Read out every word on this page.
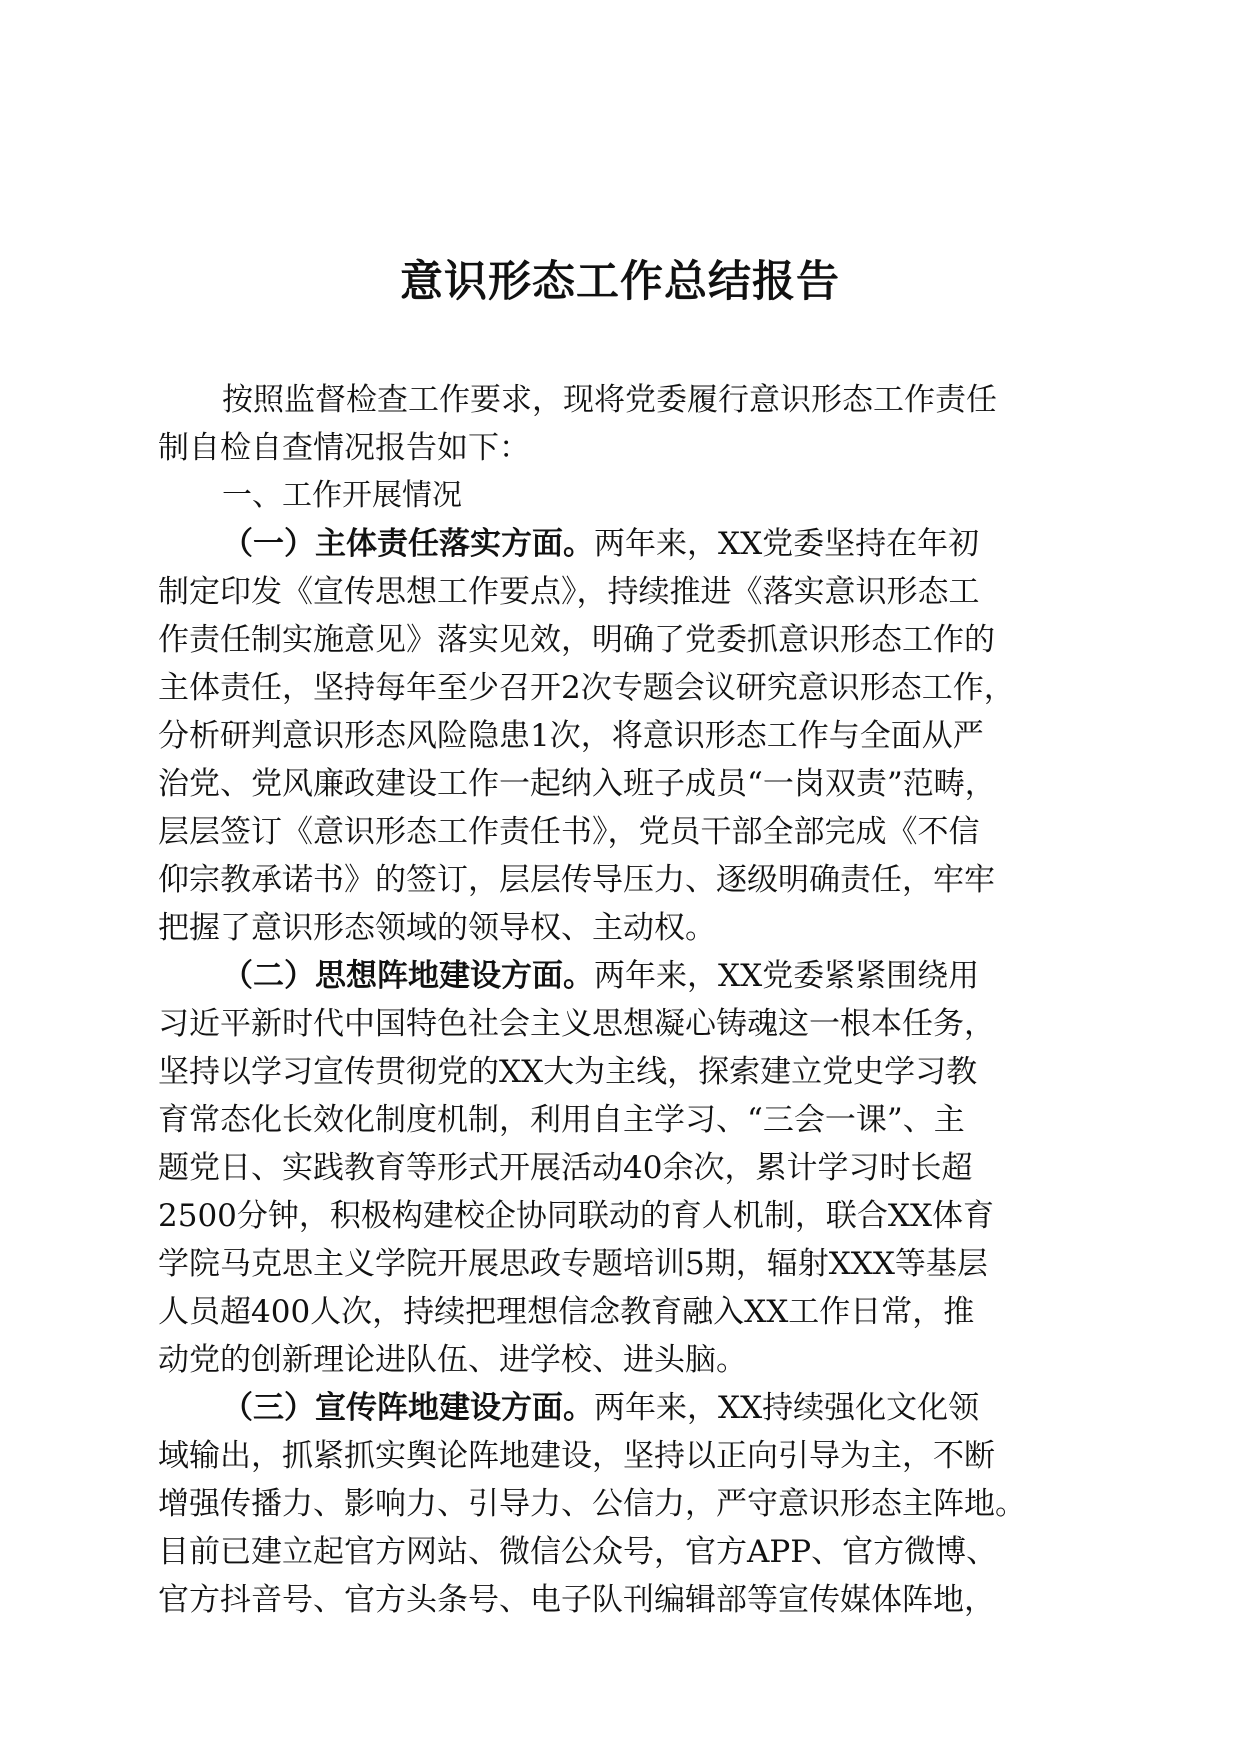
意识形态工作总结报告
按照监督检查工作要求，现将党委履行意识形态工作责任
制自检自查情况报告如下：
一、工作开展情况
（一）主体责任落实方面。两年来，XX党委坚持在年初
制定印发《宣传思想工作要点》，持续推进《落实意识形态工
作责任制实施意见》落实见效，明确了党委抓意识形态工作的
主体责任，坚持每年至少召开2次专题会议研究意识形态工作，
分析研判意识形态风险隐患1次，将意识形态工作与全面从严
治党、党风廉政建设工作一起纳入班子成员“一岗双责”范畴，
层层签订《意识形态工作责任书》，党员干部全部完成《不信
仰宗教承诺书》的签订，层层传导压力、逐级明确责任，牢牢
把握了意识形态领域的领导权、主动权。
（二）思想阵地建设方面。两年来，XX党委紧紧围绕用
习近平新时代中国特色社会主义思想凝心铸魂这一根本任务，
坚持以学习宣传贯彻党的XX大为主线，探索建立党史学习教
育常态化长效化制度机制，利用自主学习、“三会一课”、主
题党日、实践教育等形式开展活动40余次，累计学习时长超
2500分钟，积极构建校企协同联动的育人机制，联合XX体育
学院马克思主义学院开展思政专题培训5期，辐射XXX等基层
人员超400人次，持续把理想信念教育融入XX工作日常，推
动党的创新理论进队伍、进学校、进头脑。
（三）宣传阵地建设方面。两年来，XX持续强化文化领
域输出，抓紧抓实舆论阵地建设，坚持以正向引导为主，不断
增强传播力、影响力、引导力、公信力，严守意识形态主阵地。
目前已建立起官方网站、微信公众号，官方APP、官方微博、
官方抖音号、官方头条号、电子队刊编辑部等宣传媒体阵地，
